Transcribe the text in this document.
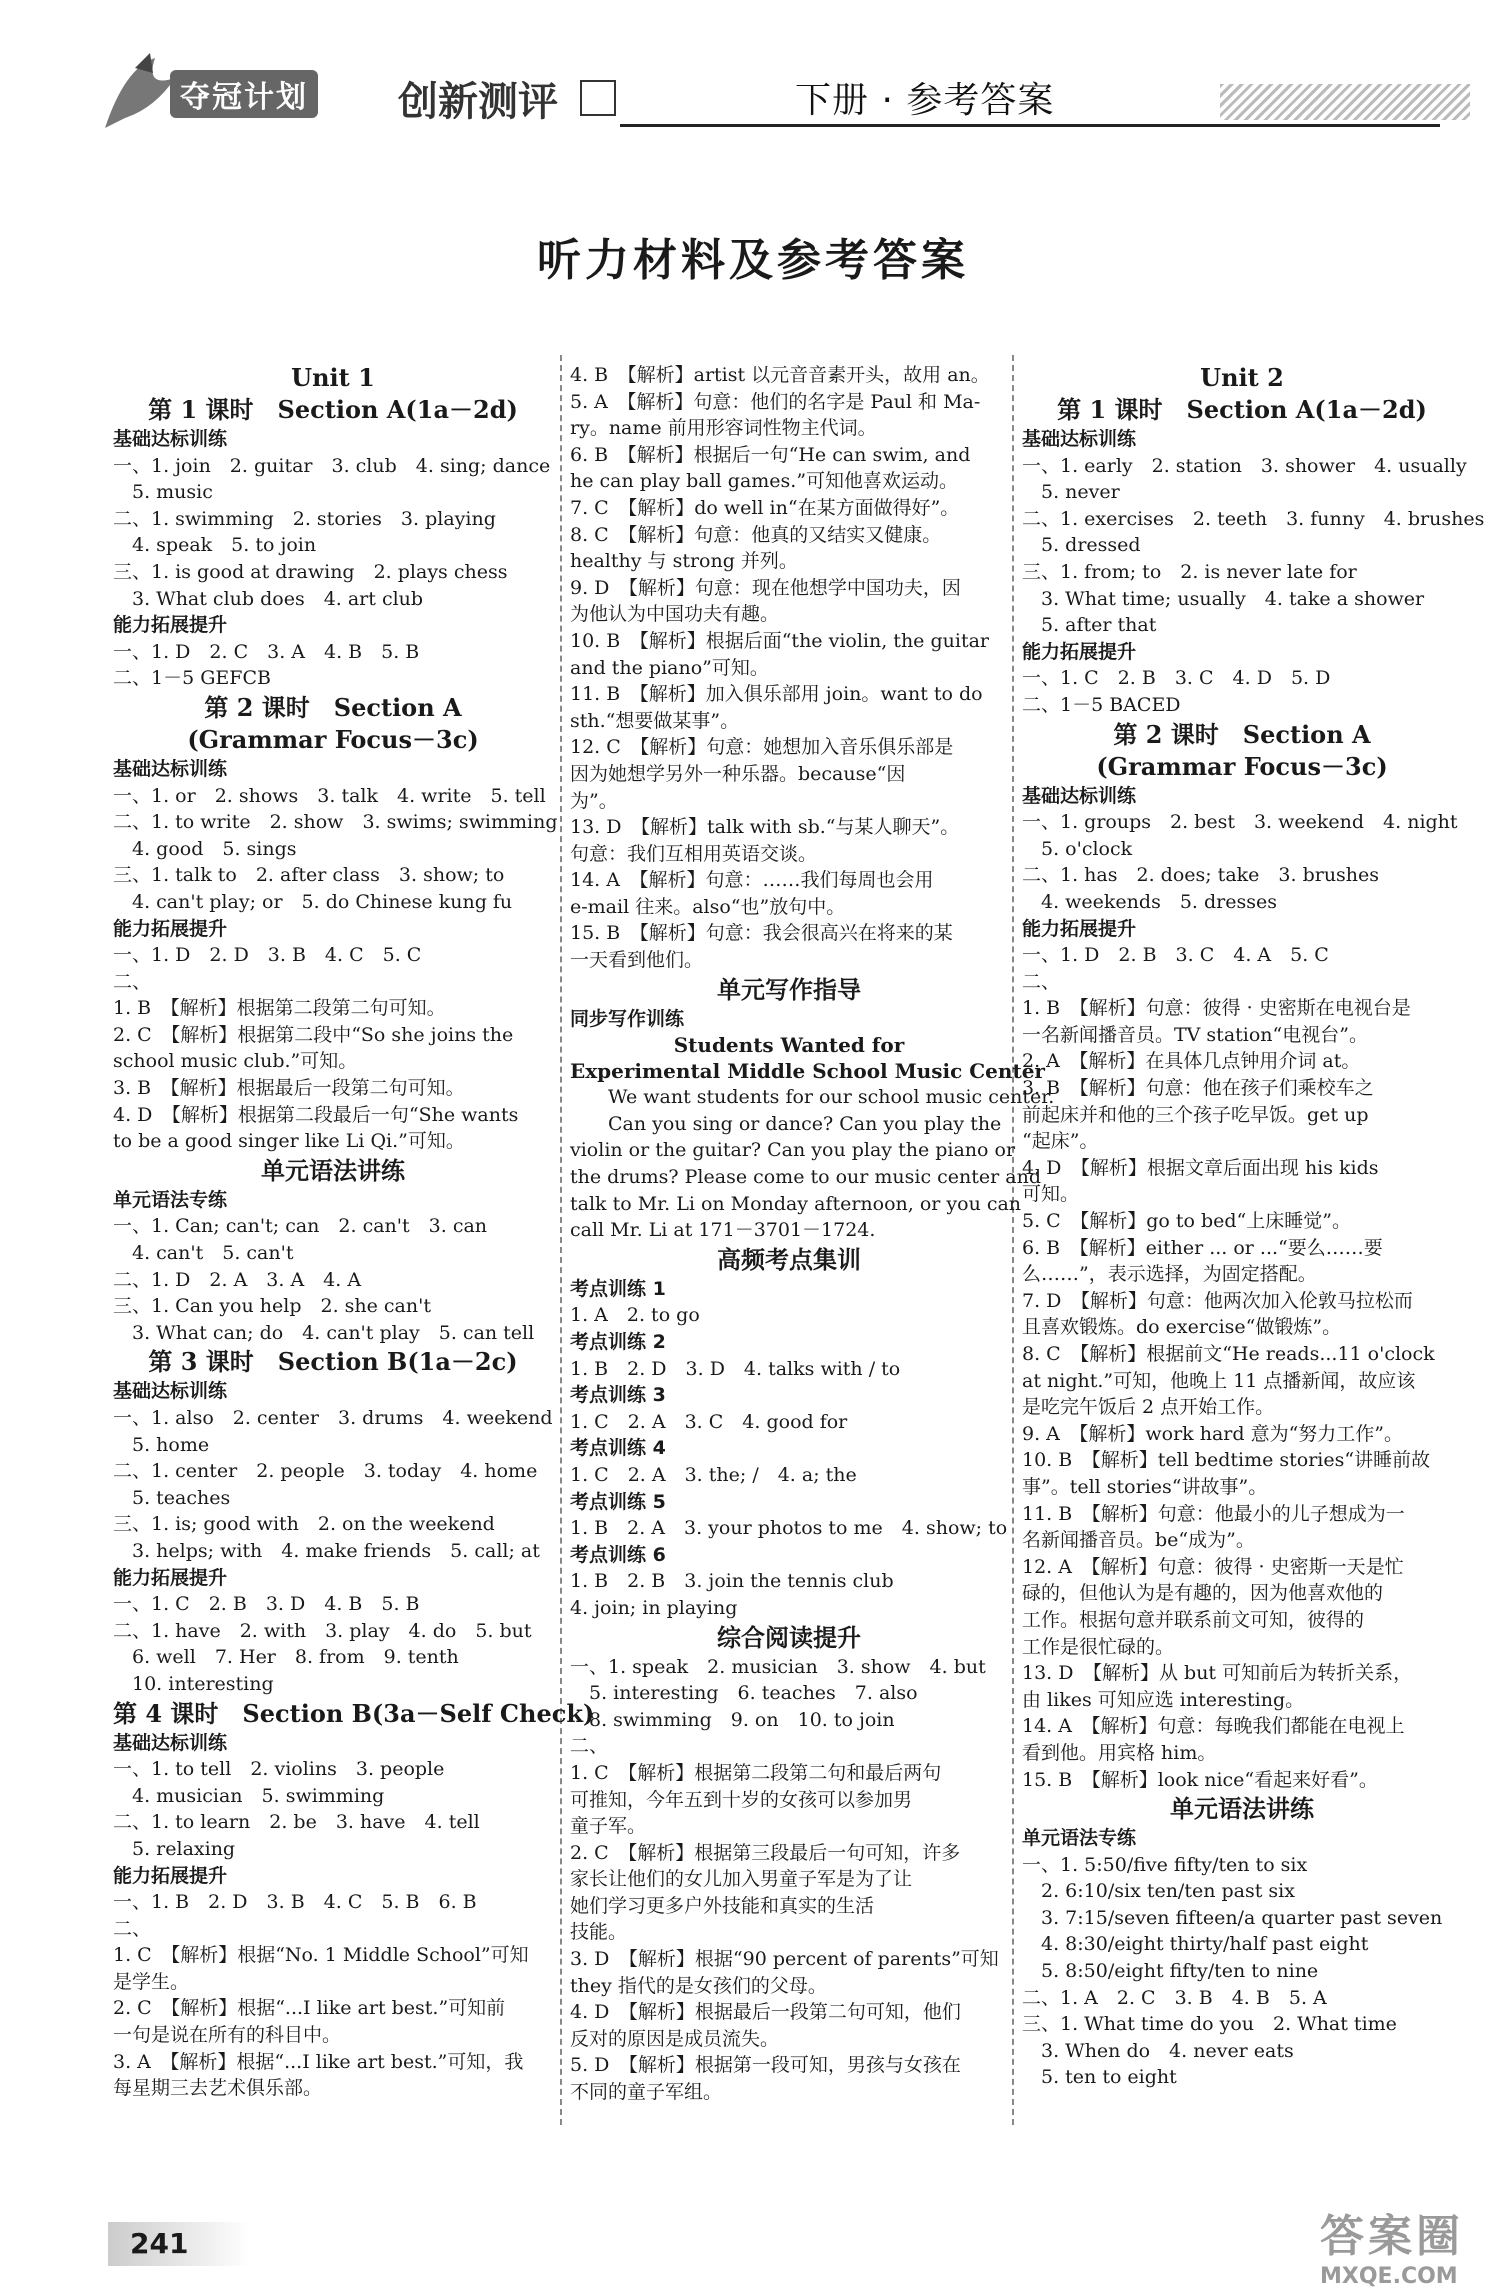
夺冠计划 创新测评	下册 · 参考答案
听力材料及参考答案
Unit 1
第 1 课时　Section A(1a－2d)
基础达标训练
一、1. join　2. guitar　3. club　4. sing; dance
　5. music
二、1. swimming　2. stories　3. playing
　4. speak　5. to join
三、1. is good at drawing　2. plays chess
　3. What club does　4. art club
能力拓展提升
一、1. D　2. C　3. A　4. B　5. B
二、1－5 GEFCB
第 2 课时　Section A
(Grammar Focus－3c)
基础达标训练
一、1. or　2. shows　3. talk　4. write　5. tell
二、1. to write　2. show　3. swims; swimming
　4. good　5. sings
三、1. talk to　2. after class　3. show; to
　4. can't play; or　5. do Chinese kung fu
能力拓展提升
一、1. D　2. D　3. B　4. C　5. C
二、
1. B　【解析】根据第二段第二句可知。
2. C　【解析】根据第二段中“So she joins the
school music club.”可知。
3. B　【解析】根据最后一段第二句可知。
4. D　【解析】根据第二段最后一句“She wants
to be a good singer like Li Qi.”可知。
单元语法讲练
单元语法专练
一、1. Can; can't; can　2. can't　3. can
　4. can't　5. can't
二、1. D　2. A　3. A　4. A
三、1. Can you help　2. she can't
　3. What can; do　4. can't play　5. can tell
第 3 课时　Section B(1a－2c)
基础达标训练
一、1. also　2. center　3. drums　4. weekend
　5. home
二、1. center　2. people　3. today　4. home
　5. teaches
三、1. is; good with　2. on the weekend
　3. helps; with　4. make friends　5. call; at
能力拓展提升
一、1. C　2. B　3. D　4. B　5. B
二、1. have　2. with　3. play　4. do　5. but
　6. well　7. Her　8. from　9. tenth
　10. interesting
第 4 课时　Section B(3a－Self Check)
基础达标训练
一、1. to tell　2. violins　3. people
　4. musician　5. swimming
二、1. to learn　2. be　3. have　4. tell
　5. relaxing
能力拓展提升
一、1. B　2. D　3. B　4. C　5. B　6. B
二、
1. C　【解析】根据“No. 1 Middle School”可知
是学生。
2. C　【解析】根据“...I like art best.”可知前
一句是说在所有的科目中。
3. A　【解析】根据“...I like art best.”可知，我
每星期三去艺术俱乐部。
4. B　【解析】artist 以元音音素开头，故用 an。
5. A　【解析】句意：他们的名字是 Paul 和 Ma-
ry。name 前用形容词性物主代词。
6. B　【解析】根据后一句“He can swim, and
he can play ball games.”可知他喜欢运动。
7. C　【解析】do well in“在某方面做得好”。
8. C　【解析】句意：他真的又结实又健康。
healthy 与 strong 并列。
9. D　【解析】句意：现在他想学中国功夫，因
为他认为中国功夫有趣。
10. B　【解析】根据后面“the violin, the guitar
and the piano”可知。
11. B　【解析】加入俱乐部用 join。want to do
sth.“想要做某事”。
12. C　【解析】句意：她想加入音乐俱乐部是
因为她想学另外一种乐器。because“因
为”。
13. D　【解析】talk with sb.“与某人聊天”。
句意：我们互相用英语交谈。
14. A　【解析】句意：……我们每周也会用
e-mail 往来。also“也”放句中。
15. B　【解析】句意：我会很高兴在将来的某
一天看到他们。
单元写作指导
同步写作训练
Students Wanted for
Experimental Middle School Music Center
We want students for our school music center.
Can you sing or dance? Can you play the
violin or the guitar? Can you play the piano or
the drums? Please come to our music center and
talk to Mr. Li on Monday afternoon, or you can
call Mr. Li at 171－3701－1724.
高频考点集训
考点训练 1
1. A　2. to go
考点训练 2
1. B　2. D　3. D　4. talks with / to
考点训练 3
1. C　2. A　3. C　4. good for
考点训练 4
1. C　2. A　3. the; /　4. a; the
考点训练 5
1. B　2. A　3. your photos to me　4. show; to
考点训练 6
1. B　2. B　3. join the tennis club
4. join; in playing
综合阅读提升
一、1. speak　2. musician　3. show　4. but
　5. interesting　6. teaches　7. also
　8. swimming　9. on　10. to join
二、
1. C　【解析】根据第二段第二句和最后两句
可推知，今年五到十岁的女孩可以参加男
童子军。
2. C　【解析】根据第三段最后一句可知，许多
家长让他们的女儿加入男童子军是为了让
她们学习更多户外技能和真实的生活
技能。
3. D　【解析】根据“90 percent of parents”可知
they 指代的是女孩们的父母。
4. D　【解析】根据最后一段第二句可知，他们
反对的原因是成员流失。
5. D　【解析】根据第一段可知，男孩与女孩在
不同的童子军组。
Unit 2
第 1 课时　Section A(1a－2d)
基础达标训练
一、1. early　2. station　3. shower　4. usually
　5. never
二、1. exercises　2. teeth　3. funny　4. brushes
　5. dressed
三、1. from; to　2. is never late for
　3. What time; usually　4. take a shower
　5. after that
能力拓展提升
一、1. C　2. B　3. C　4. D　5. D
二、1－5 BACED
第 2 课时　Section A
(Grammar Focus－3c)
基础达标训练
一、1. groups　2. best　3. weekend　4. night
　5. o'clock
二、1. has　2. does; take　3. brushes
　4. weekends　5. dresses
能力拓展提升
一、1. D　2. B　3. C　4. A　5. C
二、
1. B　【解析】句意：彼得 · 史密斯在电视台是
一名新闻播音员。TV station“电视台”。
2. A　【解析】在具体几点钟用介词 at。
3. B　【解析】句意：他在孩子们乘校车之
前起床并和他的三个孩子吃早饭。get up
“起床”。
4. D　【解析】根据文章后面出现 his kids
可知。
5. C　【解析】go to bed“上床睡觉”。
6. B　【解析】either ... or ...“要么……要
么……”，表示选择，为固定搭配。
7. D　【解析】句意：他两次加入伦敦马拉松而
且喜欢锻炼。do exercise“做锻炼”。
8. C　【解析】根据前文“He reads...11 o'clock
at night.”可知，他晚上 11 点播新闻，故应该
是吃完午饭后 2 点开始工作。
9. A　【解析】work hard 意为“努力工作”。
10. B　【解析】tell bedtime stories“讲睡前故
事”。tell stories“讲故事”。
11. B　【解析】句意：他最小的儿子想成为一
名新闻播音员。be“成为”。
12. A　【解析】句意：彼得 · 史密斯一天是忙
碌的，但他认为是有趣的，因为他喜欢他的
工作。根据句意并联系前文可知，彼得的
工作是很忙碌的。
13. D　【解析】从 but 可知前后为转折关系，
由 likes 可知应选 interesting。
14. A　【解析】句意：每晚我们都能在电视上
看到他。用宾格 him。
15. B　【解析】look nice“看起来好看”。
单元语法讲练
单元语法专练
一、1. 5:50/five fifty/ten to six
　2. 6:10/six ten/ten past six
　3. 7:15/seven fifteen/a quarter past seven
　4. 8:30/eight thirty/half past eight
　5. 8:50/eight fifty/ten to nine
二、1. A　2. C　3. B　4. B　5. A
三、1. What time do you　2. What time
　3. When do　4. never eats
　5. ten to eight
241	答案圈
MXQE.COM
